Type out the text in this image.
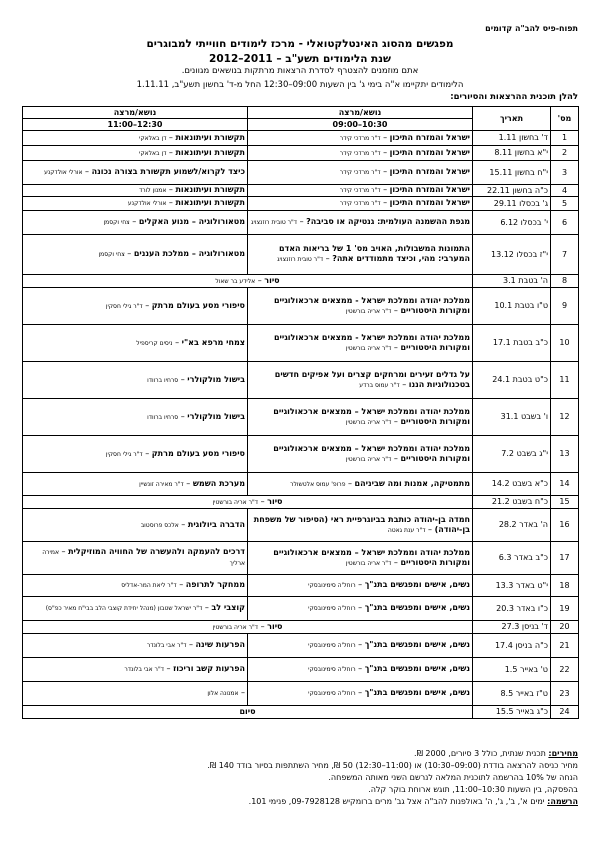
תפוח-פיס להב"ה קדומים
מפגשים מהסוג האינטלקטואלי - מרכז לימודים חווייתי למבוגרים
שנת הלימודים תשע"ב – 2011–2012
אתם מוזמנים להצטרף לסדרת הרצאות מרתקות בנושאים מגוונים.
הלימודים יתקיימו א"ה בימי ג' בין השעות 09:00–12:30 החל מ-ד' בחשון תשע"ב, 1.11.11
להלן תוכנית ההרצאות והסיורים:
מס'	תאריך	נושא/מרצה	נושא/מרצה
		09:00–10:30	11:00–12:30
1	ד' בחשון 1.11	ישראל והמזרח התיכון – ד"ר מרדכי קידר	תקשורת ועיתונאות – דן באלאקי
2	י"א בחשון 8.11	ישראל והמזרח התיכון – ד"ר מרדכי קידר	תקשורת ועיתונאות – דן באלאקי
3	י"ח בחשון 15.11	ישראל והמזרח התיכון – ד"ר מרדכי קידר	כיצד לקרוא/לשמוע תקשורת בצורה נכונה – אורלי אולדקנע
4	כ"ה בחשון 22.11	ישראל והמזרח התיכון – ד"ר מרדכי קידר	תקשורת ועיתונאות – אמנון לורד
5	ג' בכסלו 29.11	ישראל והמזרח התיכון – ד"ר מרדכי קידר	תקשורת ועיתונאות – אורלי אולדקנע
6	י' בכסלו 6.12	מגפת ההשמנה העולמית: גנטיקה או סביבה? – ד"ר טובית רוזנצויג	מטאורולוגיה – מנוע האקלים – צחי וקסמן
7	י"ז בכסלו 13.12	התמונות המשבולות, האויב מס' 1 של בריאות האדם המערבי: מהי, וכיצד מתמודדים אתה? – ד"ר טובית רוזנצויג	מטאורולוגיה – ממלכת העננים – צחי וקסמן
8	ה' בטבת 3.1	סיור – אלידע בר שאול	
9	ט"ו בטבת 10.1	ממלכת יהודה וממלכת ישראל - ממצאים ארכאולוגיים ומקורות היסטוריים – ד"ר אריה בורשטין	סיפורי מסע בעולם מרתק – ד"ר גילי חסקין
10	כ"ב בטבת 17.1	ממלכת יהודה וממלכת ישראל - ממצאים ארכאולוגיים ומקורות היסטוריים – ד"ר אריה בורשטין	צמחי מרפא בא"י – ניסים קריספיל
11	כ"ט בטבת 24.1	על גדלים זעירים ומרחקים קצרים ועל אפיקים חדשים בטכנולוגיות הננו – ד"ר עמוס ברדע	בישול מולקולרי – סרחיו ברוודו
12	ו' בשבט 31.1	ממלכת יהודה וממלכת ישראל – ממצאים ארכאולוגיים ומקורות היסטוריים – ד"ר אריה בורשטין	בישול מולקולרי – סרחיו ברוודו
13	י"ג בשבט 7.2	ממלכת יהודה וממלכת ישראל – ממצאים ארכאולוגיים ומקורות היסטוריים – ד"ר אריה בורשטין	סיפורי מסע בעולם מרתק – ד"ר גילי חסקין
14	כ"א בשבט 14.2	מתמטיקה, אמנות ומה שביניהם – פרופ' עמוס אלטשולר	מערכת השמש – ד"ר מאירה זונשיין
15	כ"ח בשבט 21.2	סיור – ד"ר אריה בורשטין	
16	ה' באדר 28.2	חמדה בן-יהודה כותבת בביוגרפיית ראי (הסיפור של משפחת בן-יהודה) – ד"ר ענת גאטה	הדברה ביולוגית – אלכס פרוסטוב
17	כ"ב באדר 6.3	ממלכת יהודה וממלכת ישראל – ממצאים ארכאולוגיים ומקורות היסטוריים – ד"ר אריה בורשטין	דרכים להעמקה ולהעשרה של החוויה המוזיקלית – אמירה ארליך
18	י"ט באדר 13.3	נשים, אישים ומפגשים בתנ"ך – רוחל'ה סימינובסקי	ממחקר לתרופה – ד"ר ליאת המר-אדליס
19	כ"ו באדר 20.3	נשים, אישים ומפגשים בתנ"ך – רוחל'ה סימינובסקי	קוצבי לב – ד"ר ישראל שטבון (מנהל יחידת קוצבי הלב בבי"ח מאיר כפ"ס)
20	ד' בניסן 27.3	סיור – ד"ר אריה בורשטין	
21	כ"ה בניסן 17.4	נשים, אישים ומפגשים בתנ"ך – רוחל'ה סימינובסקי	הפרעות שינה – ד"ר אבי בלונדר
22	ט' באייר 1.5	נשים, אישים ומפגשים בתנ"ך – רוחל'ה סימינובסקי	הפרעות קשב וריכוז – ד"ר אבי בלונדר
23	ט"ז באייר 8.5	נשים, אישים ומפגשים בתנ"ך – רוחל'ה סימינובסקי	– אמנונה אלון
24	כ"ג באייר 15.5	סיום	
מחירים: תכנית שנתית, כולל 3 סיורים, 2000 ₪.
מחיר כניסה להרצאה בודדת (09:00–10:30) או (11:00–12:30) 50 ₪, מחיר השתתפות בסיור בודד 140 ₪.
הנחה של 10% בהרשמה לתוכנית המלאה לנרשם השני מאותה המשפחה.
בהפסקה, בין השעות 10:30–11:00, תוגש ארוחת בוקר קלה.
הרשמה: ימים א', ב', ג', ה' באולפנות להב"ה אצל גב' מרים ברומקיש 09-7928128, פנימי 101.
